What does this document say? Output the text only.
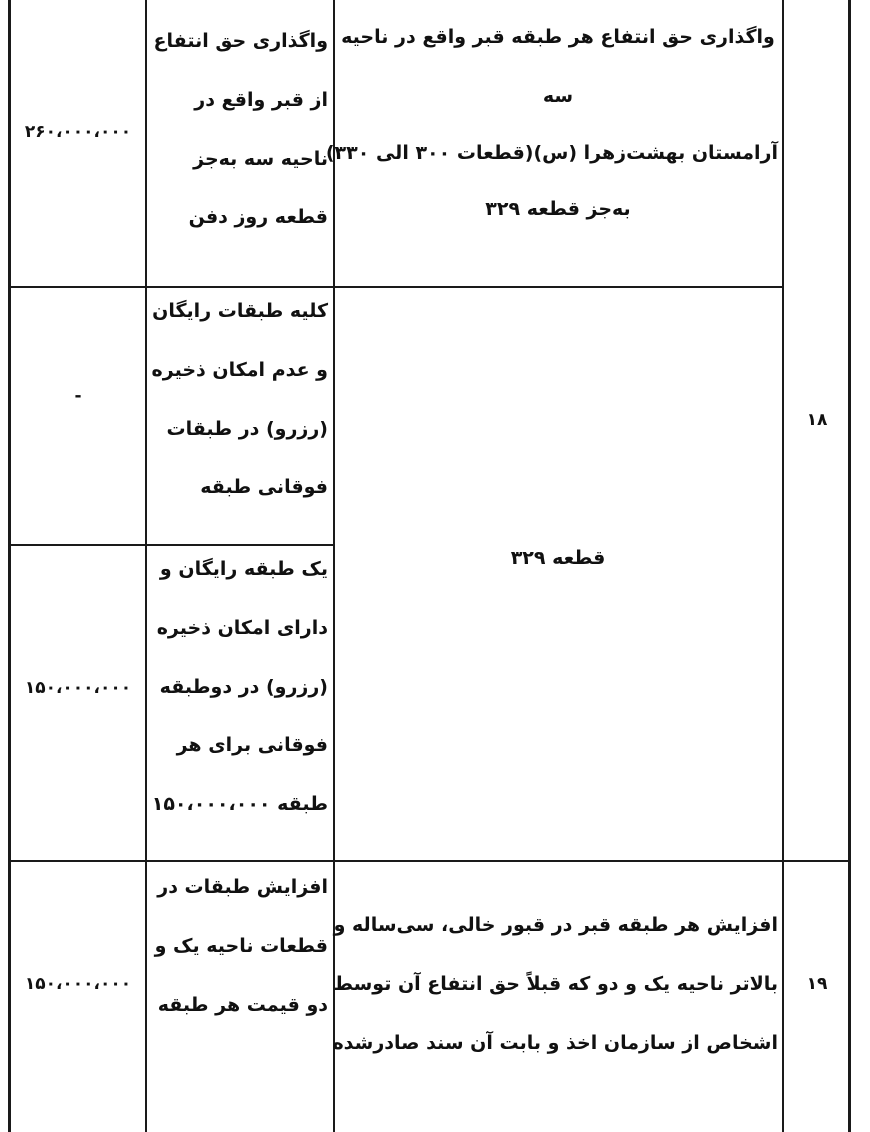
۱۸
واگذاری حق انتفاع هر طبقه قبر واقع در ناحیه
سه
آرامستان بهشت‌زهرا (س)(قطعات ۳۰۰ الی ۳۳۰)
به‌جز قطعه ۳۲۹
قطعه ۳۲۹
واگذاری حق انتفاع
از قبر واقع در
ناحیه سه به‌جز
قطعه روز دفن
۲۶۰،۰۰۰،۰۰۰
کلیه طبقات رایگان
و عدم امکان ذخیره
(رزرو) در طبقات
فوقانی طبقه
-
یک طبقه رایگان و
دارای امکان ذخیره
(رزرو) در دوطبقه
فوقانی برای هر
طبقه ۱۵۰،۰۰۰،۰۰۰
۱۵۰،۰۰۰،۰۰۰
۱۹
افزایش هر طبقه قبر در قبور خالی، سی‌ساله و
بالاتر ناحیه یک و دو که قبلاً حق انتفاع آن توسط
اشخاص از سازمان اخذ و بابت آن سند صادرشده
افزایش طبقات در
قطعات ناحیه یک و
دو قیمت هر طبقه
۱۵۰،۰۰۰،۰۰۰
